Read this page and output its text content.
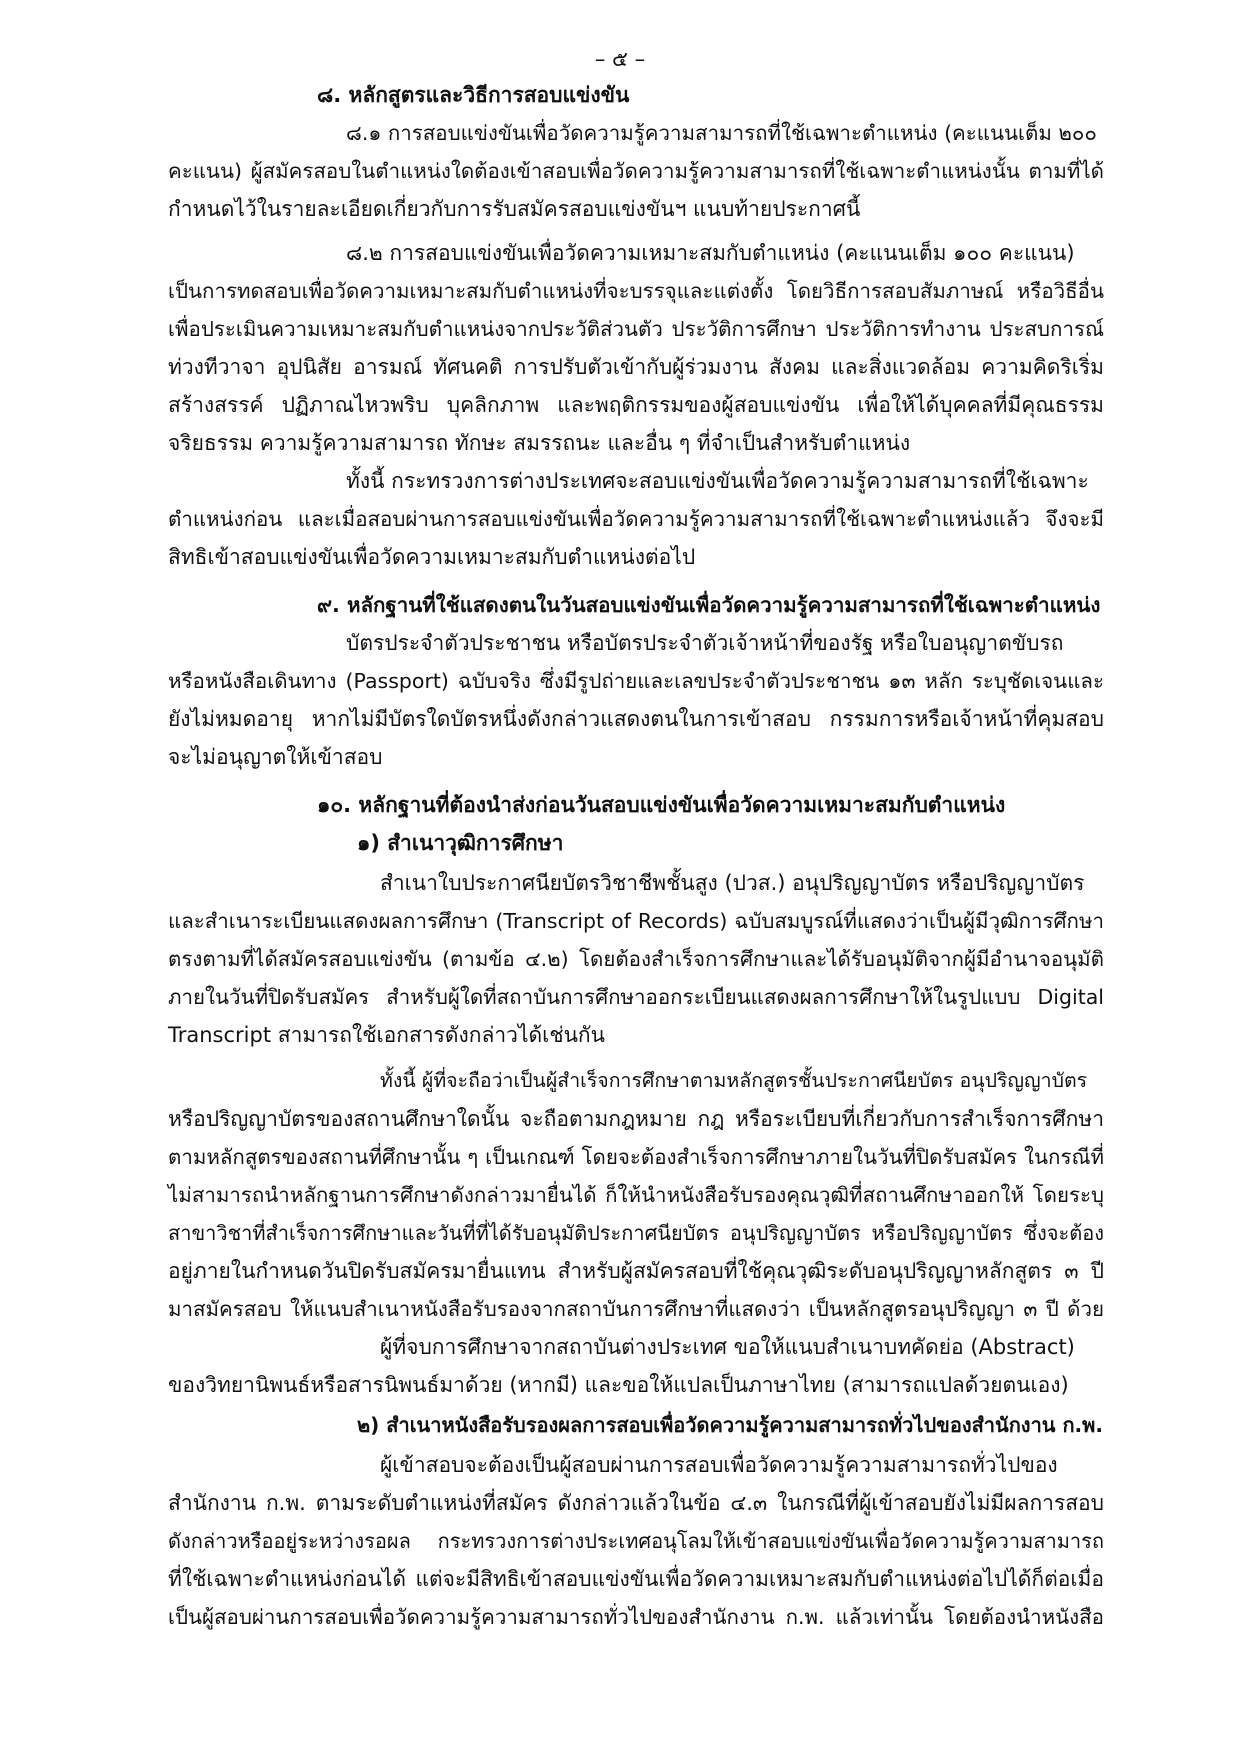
– ๕ –

๘. หลักสูตรและวิธีการสอบแข่งขัน

๘.๑ การสอบแข่งขันเพื่อวัดความรู้ความสามารถที่ใช้เฉพาะตำแหน่ง (คะแนนเต็ม ๒๐๐

คะแนน) ผู้สมัครสอบในตำแหน่งใดต้องเข้าสอบเพื่อวัดความรู้ความสามารถที่ใช้เฉพาะตำแหน่งนั้น ตามที่ได้

กำหนดไว้ในรายละเอียดเกี่ยวกับการรับสมัครสอบแข่งขันฯ แนบท้ายประกาศนี้

๘.๒ การสอบแข่งขันเพื่อวัดความเหมาะสมกับตำแหน่ง (คะแนนเต็ม ๑๐๐ คะแนน)

เป็นการทดสอบเพื่อวัดความเหมาะสมกับตำแหน่งที่จะบรรจุและแต่งตั้ง โดยวิธีการสอบสัมภาษณ์ หรือวิธีอื่น

เพื่อประเมินความเหมาะสมกับตำแหน่งจากประวัติส่วนตัว ประวัติการศึกษา ประวัติการทำงาน ประสบการณ์

ท่วงทีวาจา อุปนิสัย อารมณ์ ทัศนคติ การปรับตัวเข้ากับผู้ร่วมงาน สังคม และสิ่งแวดล้อม ความคิดริเริ่ม

สร้างสรรค์ ปฏิภาณไหวพริบ บุคลิกภาพ และพฤติกรรมของผู้สอบแข่งขัน เพื่อให้ได้บุคคลที่มีคุณธรรม

จริยธรรม ความรู้ความสามารถ ทักษะ สมรรถนะ และอื่น ๆ ที่จำเป็นสำหรับตำแหน่ง

ทั้งนี้ กระทรวงการต่างประเทศจะสอบแข่งขันเพื่อวัดความรู้ความสามารถที่ใช้เฉพาะ

ตำแหน่งก่อน และเมื่อสอบผ่านการสอบแข่งขันเพื่อวัดความรู้ความสามารถที่ใช้เฉพาะตำแหน่งแล้ว จึงจะมี

สิทธิเข้าสอบแข่งขันเพื่อวัดความเหมาะสมกับตำแหน่งต่อไป

๙. หลักฐานที่ใช้แสดงตนในวันสอบแข่งขันเพื่อวัดความรู้ความสามารถที่ใช้เฉพาะตำแหน่ง

บัตรประจำตัวประชาชน หรือบัตรประจำตัวเจ้าหน้าที่ของรัฐ หรือใบอนุญาตขับรถ

หรือหนังสือเดินทาง (Passport) ฉบับจริง ซึ่งมีรูปถ่ายและเลขประจำตัวประชาชน ๑๓ หลัก ระบุชัดเจนและ

ยังไม่หมดอายุ หากไม่มีบัตรใดบัตรหนึ่งดังกล่าวแสดงตนในการเข้าสอบ กรรมการหรือเจ้าหน้าที่คุมสอบ

จะไม่อนุญาตให้เข้าสอบ

๑๐. หลักฐานที่ต้องนำส่งก่อนวันสอบแข่งขันเพื่อวัดความเหมาะสมกับตำแหน่ง

๑) สำเนาวุฒิการศึกษา

สำเนาใบประกาศนียบัตรวิชาชีพชั้นสูง (ปวส.) อนุปริญญาบัตร หรือปริญญาบัตร

และสำเนาระเบียนแสดงผลการศึกษา (Transcript of Records) ฉบับสมบูรณ์ที่แสดงว่าเป็นผู้มีวุฒิการศึกษา

ตรงตามที่ได้สมัครสอบแข่งขัน (ตามข้อ ๔.๒) โดยต้องสำเร็จการศึกษาและได้รับอนุมัติจากผู้มีอำนาจอนุมัติ

ภายในวันที่ปิดรับสมัคร สำหรับผู้ใดที่สถาบันการศึกษาออกระเบียนแสดงผลการศึกษาให้ในรูปแบบ Digital

Transcript สามารถใช้เอกสารดังกล่าวได้เช่นกัน

ทั้งนี้ ผู้ที่จะถือว่าเป็นผู้สำเร็จการศึกษาตามหลักสูตรชั้นประกาศนียบัตร อนุปริญญาบัตร

หรือปริญญาบัตรของสถานศึกษาใดนั้น จะถือตามกฎหมาย กฎ หรือระเบียบที่เกี่ยวกับการสำเร็จการศึกษา

ตามหลักสูตรของสถานที่ศึกษานั้น ๆ เป็นเกณฑ์ โดยจะต้องสำเร็จการศึกษาภายในวันที่ปิดรับสมัคร ในกรณีที่

ไม่สามารถนำหลักฐานการศึกษาดังกล่าวมายื่นได้ ก็ให้นำหนังสือรับรองคุณวุฒิที่สถานศึกษาออกให้ โดยระบุ

สาขาวิชาที่สำเร็จการศึกษาและวันที่ที่ได้รับอนุมัติประกาศนียบัตร อนุปริญญาบัตร หรือปริญญาบัตร ซึ่งจะต้อง

อยู่ภายในกำหนดวันปิดรับสมัครมายื่นแทน สำหรับผู้สมัครสอบที่ใช้คุณวุฒิระดับอนุปริญญาหลักสูตร ๓ ปี

มาสมัครสอบ ให้แนบสำเนาหนังสือรับรองจากสถาบันการศึกษาที่แสดงว่า เป็นหลักสูตรอนุปริญญา ๓ ปี ด้วย

ผู้ที่จบการศึกษาจากสถาบันต่างประเทศ ขอให้แนบสำเนาบทคัดย่อ (Abstract)

ของวิทยานิพนธ์หรือสารนิพนธ์มาด้วย (หากมี) และขอให้แปลเป็นภาษาไทย (สามารถแปลด้วยตนเอง)

๒) สำเนาหนังสือรับรองผลการสอบเพื่อวัดความรู้ความสามารถทั่วไปของสำนักงาน ก.พ.

ผู้เข้าสอบจะต้องเป็นผู้สอบผ่านการสอบเพื่อวัดความรู้ความสามารถทั่วไปของ

สำนักงาน ก.พ. ตามระดับตำแหน่งที่สมัคร ดังกล่าวแล้วในข้อ ๔.๓ ในกรณีที่ผู้เข้าสอบยังไม่มีผลการสอบ

ดังกล่าวหรืออยู่ระหว่างรอผล กระทรวงการต่างประเทศอนุโลมให้เข้าสอบแข่งขันเพื่อวัดความรู้ความสามารถ

ที่ใช้เฉพาะตำแหน่งก่อนได้ แต่จะมีสิทธิเข้าสอบแข่งขันเพื่อวัดความเหมาะสมกับตำแหน่งต่อไปได้ก็ต่อเมื่อ

เป็นผู้สอบผ่านการสอบเพื่อวัดความรู้ความสามารถทั่วไปของสำนักงาน ก.พ. แล้วเท่านั้น โดยต้องนำหนังสือ
